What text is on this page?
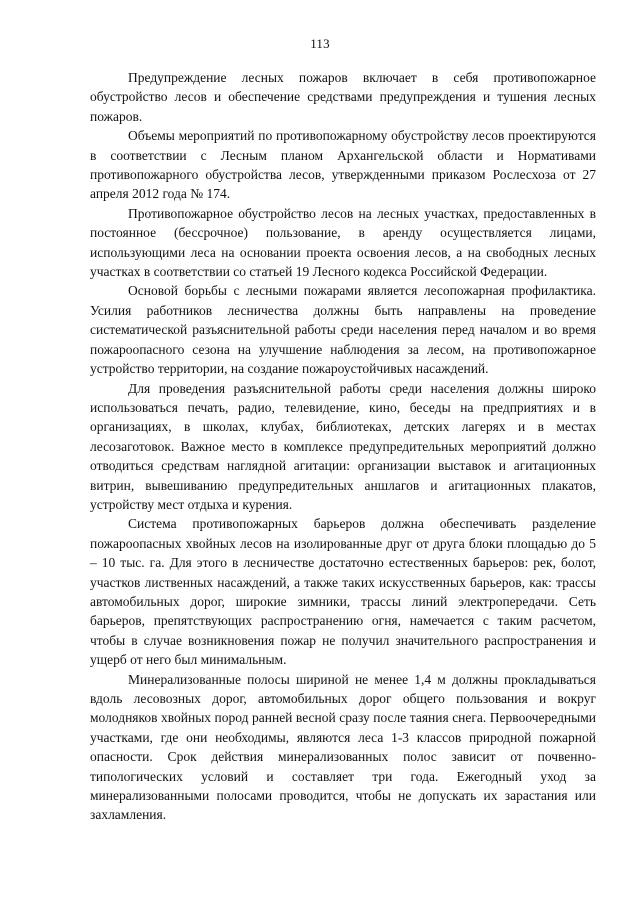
113

Предупреждение лесных пожаров включает в себя противопожарное обустройство лесов и обеспечение средствами предупреждения и тушения лесных пожаров.

Объемы мероприятий по противопожарному обустройству лесов проектируются в соответствии с Лесным планом Архангельской области и Нормативами противопожарного обустройства лесов, утвержденными приказом Рослесхоза от 27 апреля 2012 года № 174.

Противопожарное обустройство лесов на лесных участках, предоставленных в постоянное (бессрочное) пользование, в аренду осуществляется лицами, использующими леса на основании проекта освоения лесов, а на свободных лесных участках в соответствии со статьей 19 Лесного кодекса Российской Федерации.

Основой борьбы с лесными пожарами является лесопожарная профилактика. Усилия работников лесничества должны быть направлены на проведение систематической разъяснительной работы среди населения перед началом и во время пожароопасного сезона на улучшение наблюдения за лесом, на противопожарное устройство территории, на создание пожароустойчивых насаждений.

Для проведения разъяснительной работы среди населения должны широко использоваться печать, радио, телевидение, кино, беседы на предприятиях и в организациях, в школах, клубах, библиотеках, детских лагерях и в местах лесозаготовок. Важное место в комплексе предупредительных мероприятий должно отводиться средствам наглядной агитации: организации выставок и агитационных витрин, вывешиванию предупредительных аншлагов и агитационных плакатов, устройству мест отдыха и курения.

Система противопожарных барьеров должна обеспечивать разделение пожароопасных хвойных лесов на изолированные друг от друга блоки площадью до 5 – 10 тыс. га. Для этого в лесничестве достаточно естественных барьеров: рек, болот, участков лиственных насаждений, а также таких искусственных барьеров, как: трассы автомобильных дорог, широкие зимники, трассы линий электропередачи. Сеть барьеров, препятствующих распространению огня, намечается с таким расчетом, чтобы в случае возникновения пожар не получил значительного распространения и ущерб от него был минимальным.

Минерализованные полосы шириной не менее 1,4 м должны прокладываться вдоль лесовозных дорог, автомобильных дорог общего пользования и вокруг молодняков хвойных пород ранней весной сразу после таяния снега. Первоочередными участками, где они необходимы, являются леса 1-3 классов природной пожарной опасности. Срок действия минерализованных полос зависит от почвенно-типологических условий и составляет три года. Ежегодный уход за минерализованными полосами проводится, чтобы не допускать их зарастания или захламления.
